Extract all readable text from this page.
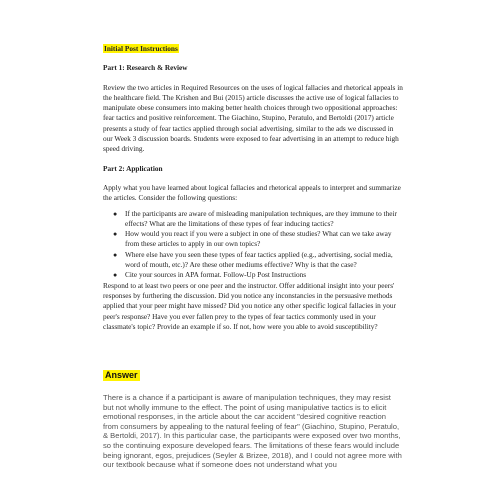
Initial Post Instructions
Part 1: Research & Review
Review the two articles in Required Resources on the uses of logical fallacies and rhetorical appeals in the healthcare field. The Krishen and Bui (2015) article discusses the active use of logical fallacies to manipulate obese consumers into making better health choices through two oppositional approaches: fear tactics and positive reinforcement. The Giachino, Stupino, Peratulo, and Bertoldi (2017) article presents a study of fear tactics applied through social advertising, similar to the ads we discussed in our Week 3 discussion boards. Students were exposed to fear advertising in an attempt to reduce high speed driving.
Part 2: Application
Apply what you have learned about logical fallacies and rhetorical appeals to interpret and summarize the articles. Consider the following questions:
● If the participants are aware of misleading manipulation techniques, are they immune to their effects? What are the limitations of these types of fear inducing tactics?
● How would you react if you were a subject in one of these studies? What can we take away from these articles to apply in our own topics?
● Where else have you seen these types of fear tactics applied (e.g., advertising, social media, word of mouth, etc.)? Are these other mediums effective? Why is that the case?
● Cite your sources in APA format. Follow-Up Post Instructions
Respond to at least two peers or one peer and the instructor. Offer additional insight into your peers' responses by furthering the discussion. Did you notice any inconstancies in the persuasive methods applied that your peer might have missed? Did you notice any other specific logical fallacies in your peer's response? Have you ever fallen prey to the types of fear tactics commonly used in your classmate's topic? Provide an example if so. If not, how were you able to avoid susceptibility?
Answer
There is a chance if a participant is aware of manipulation techniques, they may resist but not wholly immune to the effect. The point of using manipulative tactics is to elicit emotional responses, in the article about the car accident "desired cognitive reaction from consumers by appealing to the natural feeling of fear" (Giachino, Stupino, Peratulo, & Bertoldi, 2017). In this particular case, the participants were exposed over two months, so the continuing exposure developed fears. The limitations of these fears would include being ignorant, egos, prejudices (Seyler & Brizee, 2018), and I could not agree more with our textbook because what if someone does not understand what you
